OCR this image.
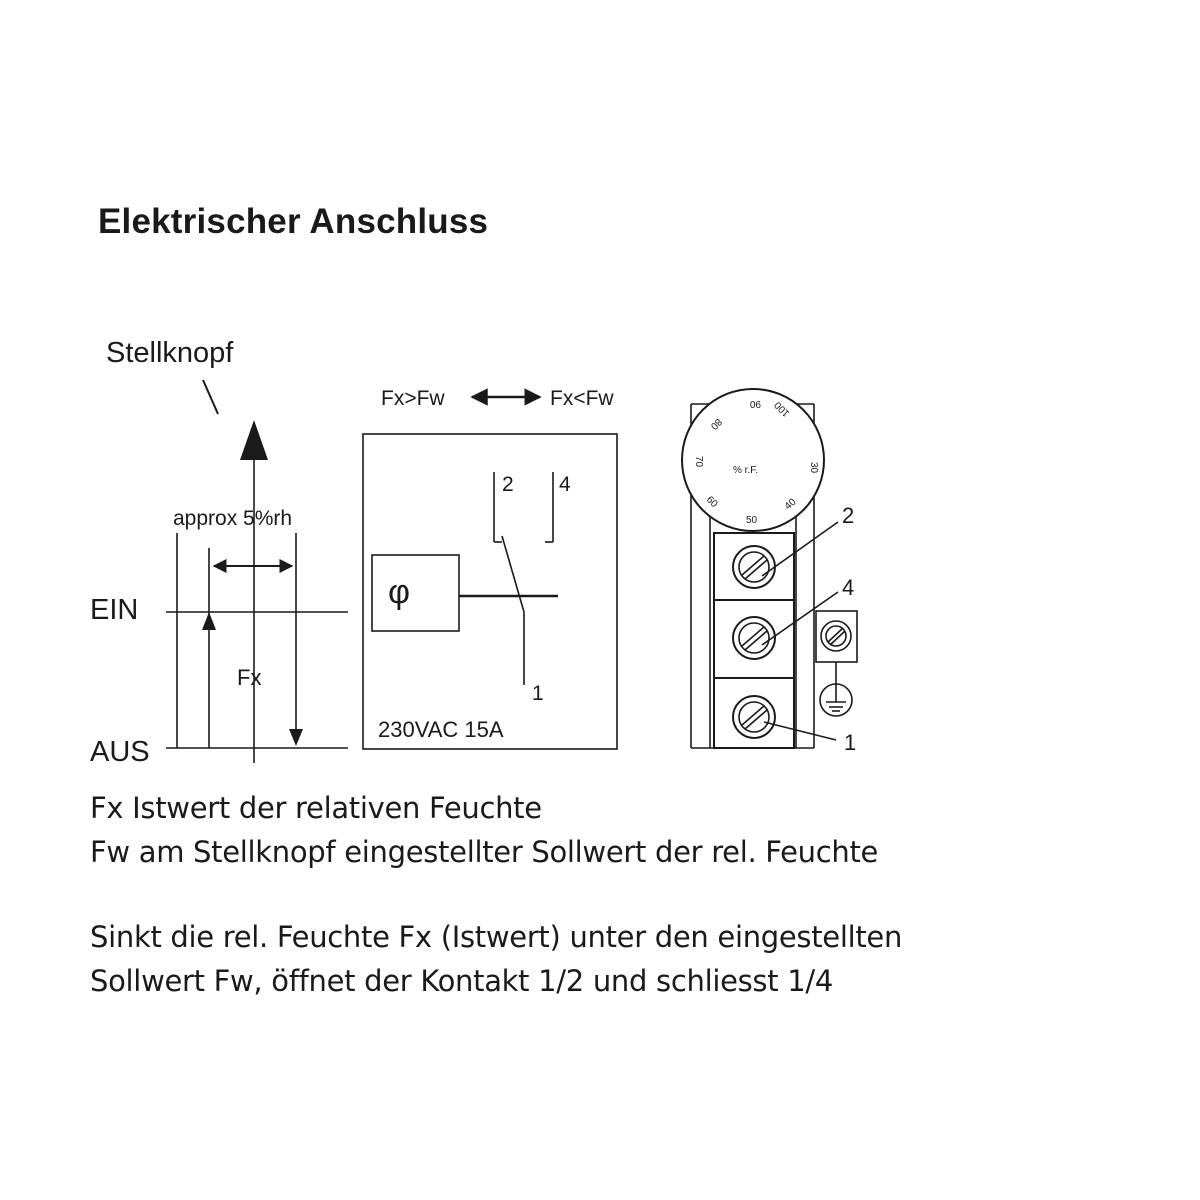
Elektrischer Anschluss
Stellknopf
approx 5%rh
EIN
AUS
Fx
Fx>Fw	Fx<Fw
2 4
1
φ
230VAC 15A
% r.F.	30
40
50
60
70
80
90 100
2
4
1
Fx Istwert der relativen Feuchte
Fw am Stellknopf eingestellter Sollwert der rel. Feuchte
Sinkt die rel. Feuchte Fx (Istwert) unter den eingestellten
Sollwert Fw, öffnet der Kontakt 1/2 und schliesst 1/4
